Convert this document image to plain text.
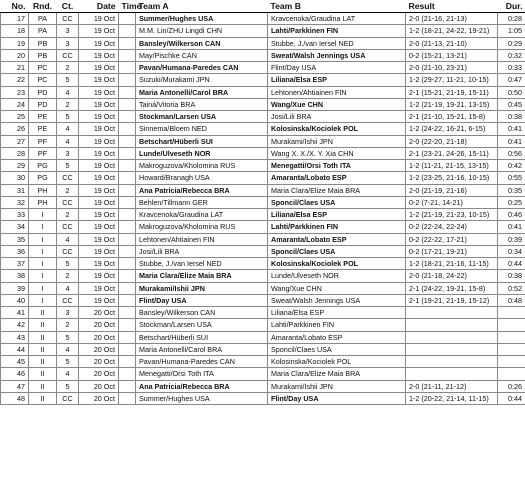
No.	Rnd.	Ct.	Date	Time	Team A	Team B	Result	Dur.
17	PA	CC	19 Oct		Summer/Hughes USA	Kravcenoka/Graudina LAT	2-0 (21-16, 21-13)	0:28
18	PA	3	19 Oct		M.M. Lin/ZHU Lingdi CHN	Lahti/Parkkinen FIN	1-2 (18-21, 24-22, 19-21)	1:05
19	PB	3	19 Oct		Bansley/Wilkerson CAN	Stubbe, J./van Iersel NED	2-0 (21-13, 21-10)	0:29
20	PB	CC	19 Oct		May/Pischke CAN	Sweat/Walsh Jennings USA	0-2 (15-21, 13-21)	0:32
21	PC	2	19 Oct		Pavan/Humana-Paredes CAN	Flint/Day USA	2-0 (21-10, 23-21)	0:33
22	PC	5	19 Oct		Suzuki/Murakami JPN	Liliana/Elsa ESP	1-2 (29-27, 11-21, 10-15)	0:47
23	PD	4	19 Oct		Maria Antonelli/Carol BRA	Lehtonen/Ahtiainen FIN	2-1 (15-21, 21-19, 15-11)	0:50
24	PD	2	19 Oct		Tainá/Vitoria BRA	Wang/Xue CHN	1-2 (21-19, 19-21, 13-15)	0:45
25	PE	5	19 Oct		Stockman/Larsen USA	Josi/Lili BRA	2-1 (21-10, 15-21, 15-8)	0:38
26	PE	4	19 Oct		Sinnema/Bloem NED	Kolosinska/Kociolek POL	1-2 (24-22, 16-21, 6-15)	0:41
27	PF	4	19 Oct		Betschart/Hüberli SUI	Murakami/Ishii JPN	2-0 (22-20, 21-18)	0:41
28	PF	3	19 Oct		Lunde/Ulveseth NOR	Wang X. X./X. Y. Xia CHN	2-1 (23-21, 24-26, 15-11)	0:56
29	PG	5	19 Oct		Makroguzova/Kholomina RUS	Menegatti/Orsi Toth ITA	1-2 (11-21, 21-15, 13-15)	0:42
30	PG	CC	19 Oct		Howard/Branagh USA	Amaranta/Lobato ESP	1-2 (23-25, 21-16, 10-15)	0:55
31	PH	2	19 Oct		Ana Patricia/Rebecca BRA	Maria Clara/Elize Maia BRA	2-0 (21-19, 21-16)	0:35
32	PH	CC	19 Oct		Behlen/Tillmann GER	Sponcil/Claes USA	0-2 (7-21, 14-21)	0:25
33	I	2	19 Oct		Kravcenoka/Graudina LAT	Liliana/Elsa ESP	1-2 (21-19, 21-23, 10-15)	0:46
34	I	CC	19 Oct		Makroguzova/Kholomina RUS	Lahti/Parkkinen FIN	0-2 (22-24, 22-24)	0:41
35	I	4	19 Oct		Lehtonen/Ahtiainen FIN	Amaranta/Lobato ESP	0-2 (22-22, 17-21)	0:39
36	I	CC	19 Oct		Josi/Lili BRA	Sponcil/Claes USA	0-2 (17-21, 19-21)	0:34
37	I	5	19 Oct		Stubbe, J./van Iersel NED	Kolosinska/Kociolek POL	1-2 (18-21, 21-16, 11-15)	0:44
38	I	2	19 Oct		Maria Clara/Elize Maia BRA	Lunde/Ulveseth NOR	2-0 (21-18, 24-22)	0:38
39	I	4	19 Oct		Murakami/Ishii JPN	Wang/Xue CHN	2-1 (24-22, 19-21, 15-8)	0:52
40	I	CC	19 Oct		Flint/Day USA	Sweat/Walsh Jennings USA	2-1 (19-21, 21-19, 15-12)	0:48
41	II	3	20 Oct		Bansley/Wilkerson CAN	Liliana/Elsa ESP		
42	II	2	20 Oct		Stockman/Larsen USA	Lahti/Parkkinen FIN		
43	II	5	20 Oct		Betschart/Hüberli SUI	Amaranta/Lobato ESP		
44	II	4	20 Oct		Maria Antonelli/Carol BRA	Sponcil/Claes USA		
45	II	5	20 Oct		Pavan/Humana-Paredes CAN	Kolosinska/Kociolek POL		
46	II	4	20 Oct		Menegatti/Orsi Toth ITA	Maria Clara/Elize Maia BRA		
47	II	5	20 Oct		Ana Patricia/Rebecca BRA	Murakami/Ishii JPN	2-0 (21-11, 21-12)	0:26
48	II	CC	20 Oct		Summer/Hughes USA	Flint/Day USA	1-2 (20-22, 21-14, 11-15)	0:44
